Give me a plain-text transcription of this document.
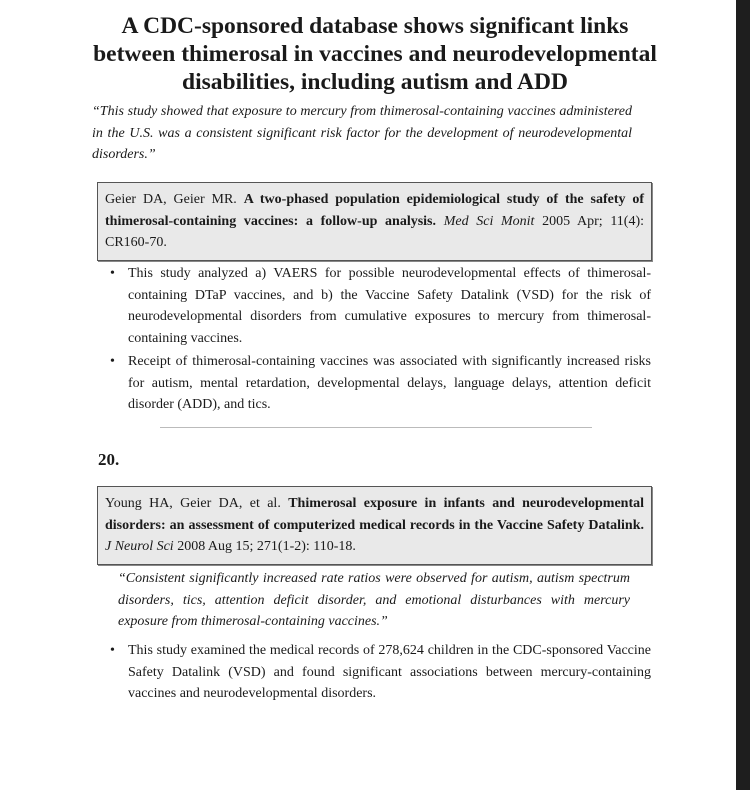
A CDC-sponsored database shows significant links between thimerosal in vaccines and neurodevelopmental disabilities, including autism and ADD
“This study showed that exposure to mercury from thimerosal-containing vaccines administered in the U.S. was a consistent significant risk factor for the development of neurodevelopmental disorders.”
Geier DA, Geier MR. A two-phased population epidemiological study of the safety of thimerosal-containing vaccines: a follow-up analysis. Med Sci Monit 2005 Apr; 11(4): CR160-70.
• This study analyzed a) VAERS for possible neurodevelopmental effects of thimerosal-containing DTaP vaccines, and b) the Vaccine Safety Datalink (VSD) for the risk of neurodevelopmental disorders from cumulative exposures to mercury from thimerosal-containing vaccines.
• Receipt of thimerosal-containing vaccines was associated with significantly increased risks for autism, mental retardation, developmental delays, language delays, attention deficit disorder (ADD), and tics.
20.
Young HA, Geier DA, et al. Thimerosal exposure in infants and neurodevelopmental disorders: an assessment of computerized medical records in the Vaccine Safety Datalink. J Neurol Sci 2008 Aug 15; 271(1-2): 110-18.
“Consistent significantly increased rate ratios were observed for autism, autism spectrum disorders, tics, attention deficit disorder, and emotional disturbances with mercury exposure from thimerosal-containing vaccines.”
• This study examined the medical records of 278,624 children in the CDC-sponsored Vaccine Safety Datalink (VSD) and found significant associations between mercury-containing vaccines and neurodevelopmental disorders.
